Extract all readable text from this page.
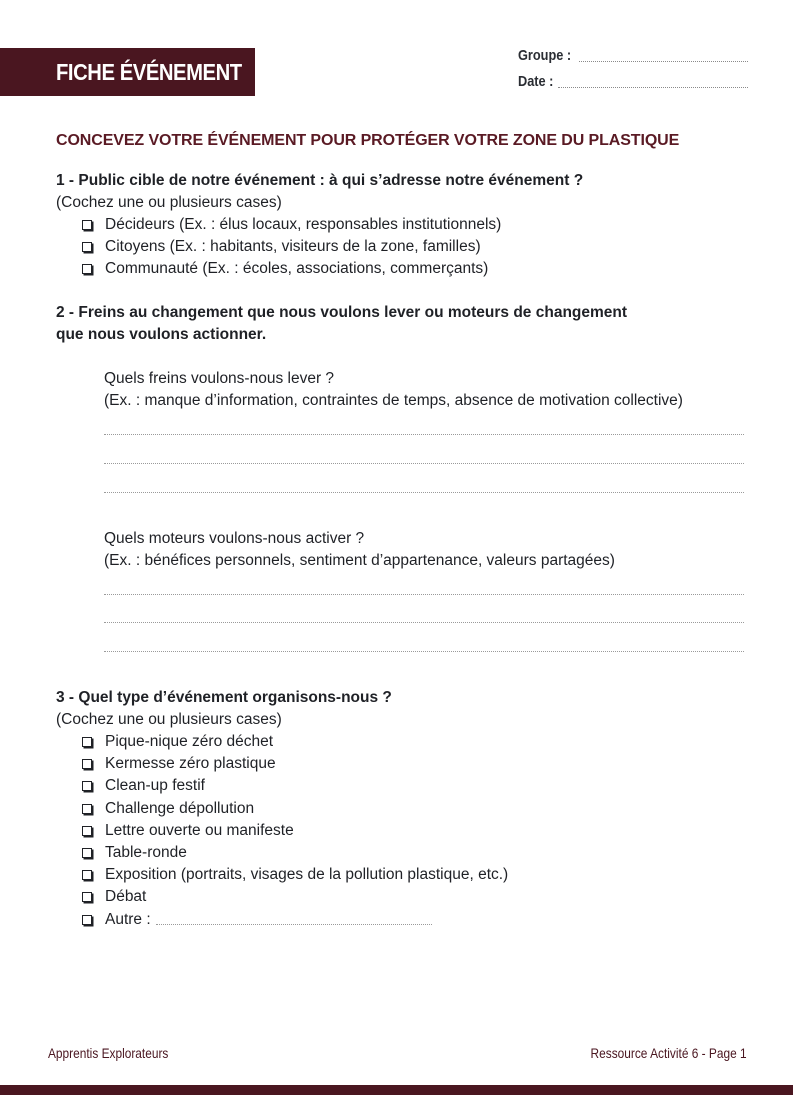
FICHE ÉVÉNEMENT
Groupe :
Date :
CONCEVEZ VOTRE ÉVÉNEMENT POUR PROTÉGER VOTRE ZONE DU PLASTIQUE
1 - Public cible de notre événement : à qui s’adresse notre événement ?
(Cochez une ou plusieurs cases)
Décideurs (Ex. : élus locaux, responsables institutionnels)
Citoyens (Ex. : habitants, visiteurs de la zone, familles)
Communauté (Ex. : écoles, associations, commerçants)
2 - Freins au changement que nous voulons lever ou moteurs de changement
que nous voulons actionner.
Quels freins voulons-nous lever ?
(Ex. : manque d’information, contraintes de temps, absence de motivation collective)
Quels moteurs voulons-nous activer ?
(Ex. : bénéfices personnels, sentiment d’appartenance, valeurs partagées)
3 - Quel type d’événement organisons-nous ?
(Cochez une ou plusieurs cases)
Pique-nique zéro déchet
Kermesse zéro plastique
Clean-up festif
Challenge dépollution
Lettre ouverte ou manifeste
Table-ronde
Exposition (portraits, visages de la pollution plastique, etc.)
Débat
Autre :
Apprentis Explorateurs	Ressource Activité 6 - Page 1
